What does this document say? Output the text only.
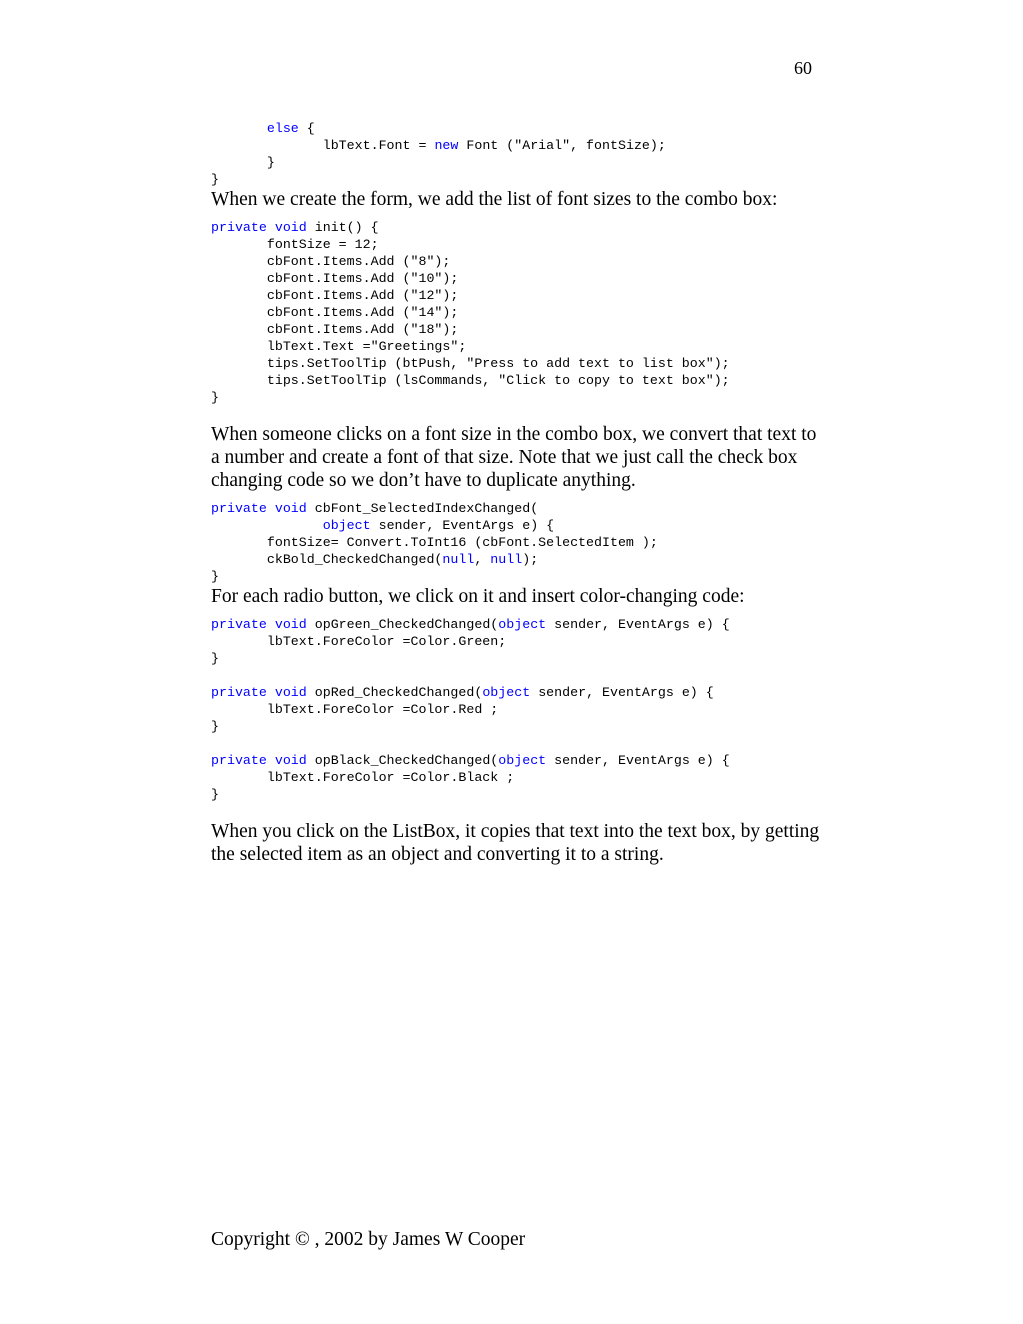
60
else {
lbText.Font = new Font ("Arial", fontSize);
}
}

When we create the form, we add the list of font sizes to the combo box:

private void init() {
fontSize = 12;
cbFont.Items.Add ("8");
cbFont.Items.Add ("10");
cbFont.Items.Add ("12");
cbFont.Items.Add ("14");
cbFont.Items.Add ("18");
lbText.Text ="Greetings";
tips.SetToolTip (btPush, "Press to add text to list box");
tips.SetToolTip (lsCommands, "Click to copy to text box");
}

When someone clicks on a font size in the combo box, we convert that text to a number and create a font of that size. Note that we just call the check box changing code so we don’t have to duplicate anything.

private void cbFont_SelectedIndexChanged(
object sender, EventArgs e) {
fontSize= Convert.ToInt16 (cbFont.SelectedItem );
ckBold_CheckedChanged(null, null);
}

For each radio button, we click on it and insert color-changing code:

private void opGreen_CheckedChanged(object sender, EventArgs e) {
lbText.ForeColor =Color.Green;
}

private void opRed_CheckedChanged(object sender, EventArgs e) {
lbText.ForeColor =Color.Red ;
}

private void opBlack_CheckedChanged(object sender, EventArgs e) {
lbText.ForeColor =Color.Black ;
}

When you click on the ListBox, it copies that text into the text box, by getting the selected item as an object and converting it to a string.

Copyright © , 2002 by James W Cooper
